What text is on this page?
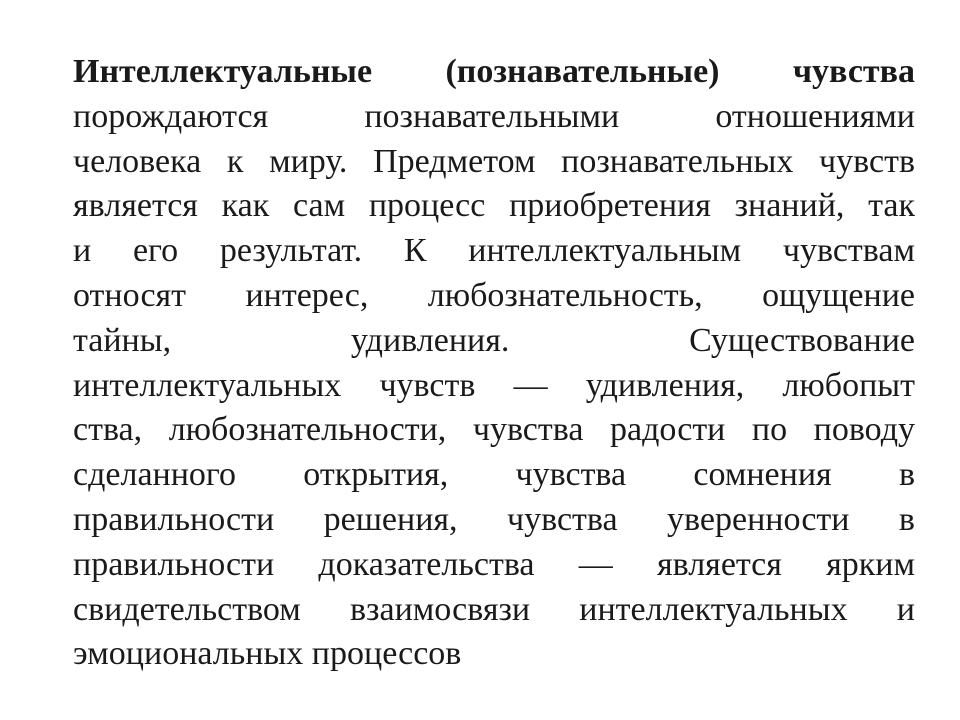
Интеллектуальные (познавательные) чувства
порождаются познавательными отношениями
человека к миру. Предметом познавательных чувств
является как сам процесс приобретения знаний, так
и его результат. К интеллектуальным чувствам
относят интерес, любознательность, ощущение
тайны, удивления. Существование
интеллектуальных чувств — удивления, любопыт
ства, любознательности, чувства радости по поводу
сделанного открытия, чувства сомнения в
правильности решения, чувства уверенности в
правильности доказательства — является ярким
свидетельством взаимосвязи интеллектуальных и
эмоциональных процессов
